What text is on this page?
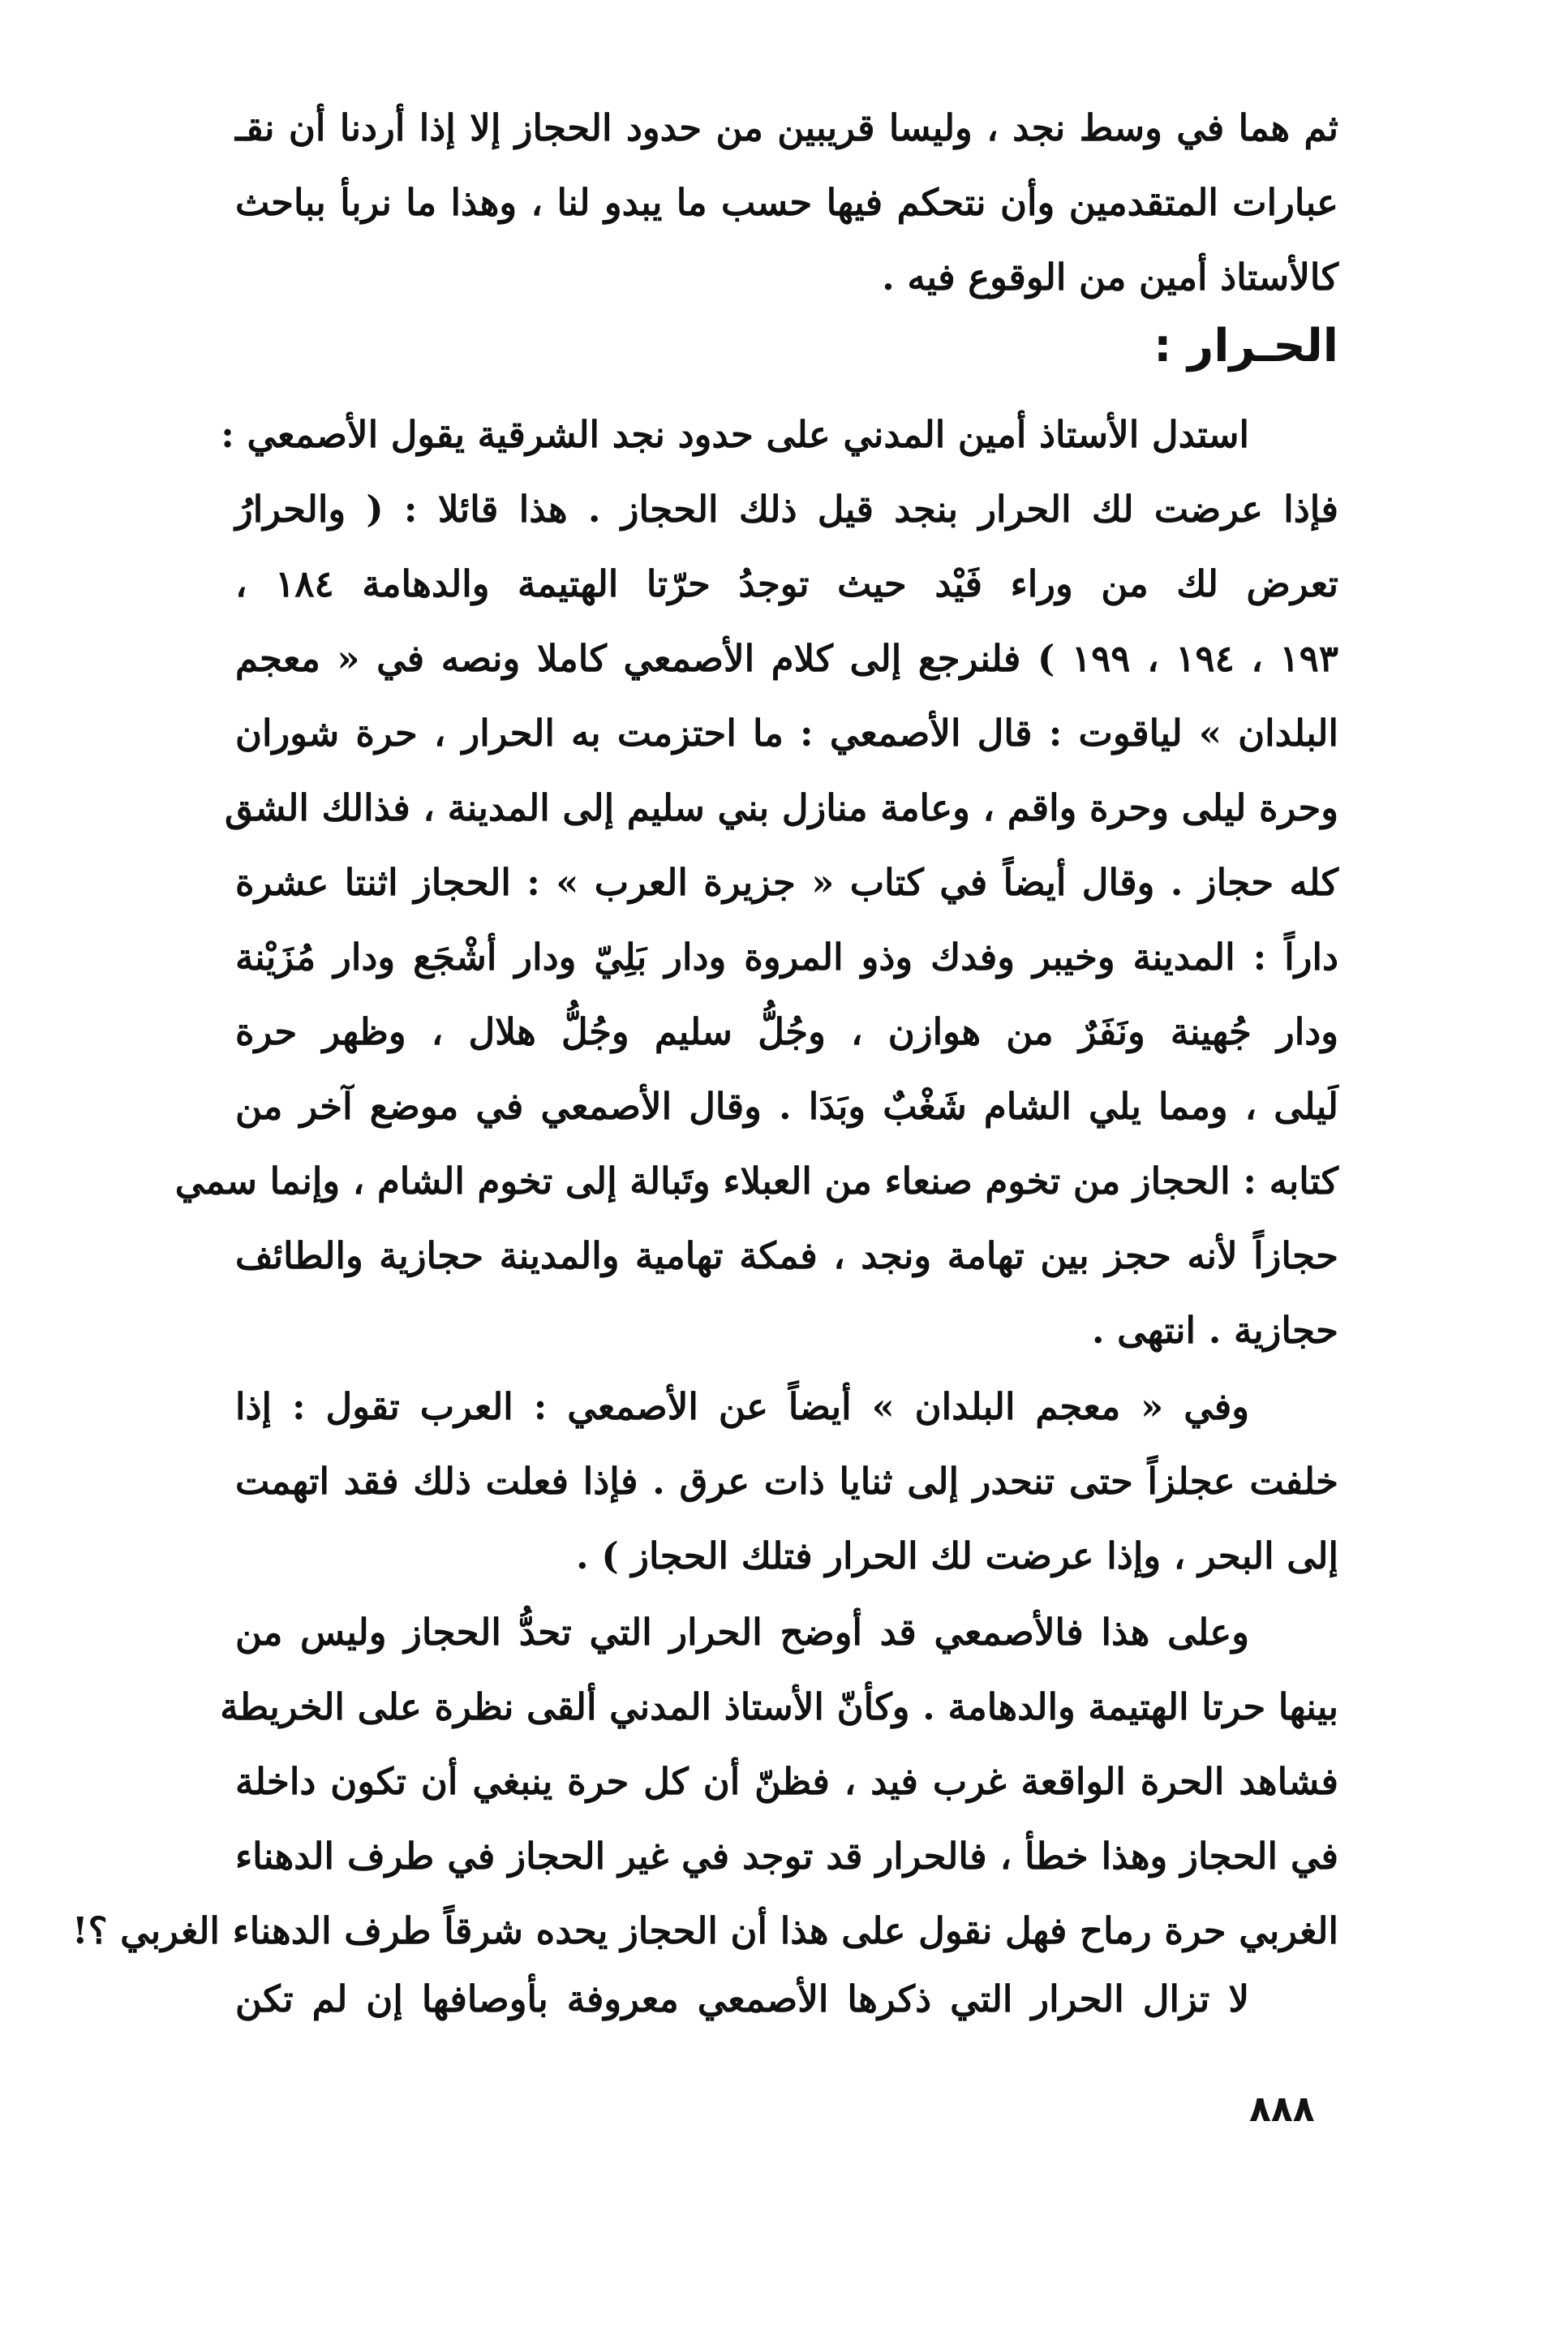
ثم هما في وسط نجد ، وليسا قريبين من حدود الحجاز إلا إذا أردنا أن نقـ
عبارات المتقدمين وأن نتحكم فيها حسب ما يبدو لنا ، وهذا ما نربأ بباحث
كالأستاذ أمين من الوقوع فيه .
الحـرار :
استدل الأستاذ أمين المدني على حدود نجد الشرقية يقول الأصمعي :
فإذا عرضت لك الحرار بنجد قيل ذلك الحجاز . هذا قائلا : ( والحرارُ
تعرض لك من وراء فَيْد حيث توجدُ حرّتا الهتيمة والدهامة ١٨٤ ،
١٩٣ ، ١٩٤ ، ١٩٩ ) فلنرجع إلى كلام الأصمعي كاملا ونصه في « معجم
البلدان » لياقوت : قال الأصمعي : ما احتزمت به الحرار ، حرة شوران
وحرة ليلى وحرة واقم ، وعامة منازل بني سليم إلى المدينة ، فذالك الشق
كله حجاز . وقال أيضاً في كتاب « جزيرة العرب » : الحجاز اثنتا عشرة
داراً : المدينة وخيبر وفدك وذو المروة ودار بَلِيّ ودار أشْجَع ودار مُزَيْنة
ودار جُهينة ونَفَرٌ من هوازن ، وجُلُّ سليم وجُلُّ هلال ، وظهر حرة
لَيلى ، ومما يلي الشام شَغْبٌ وبَدَا . وقال الأصمعي في موضع آخر من
كتابه : الحجاز من تخوم صنعاء من العبلاء وتَبالة إلى تخوم الشام ، وإنما سمي
حجازاً لأنه حجز بين تهامة ونجد ، فمكة تهامية والمدينة حجازية والطائف
حجازية . انتهى .
وفي « معجم البلدان » أيضاً عن الأصمعي : العرب تقول : إذا
خلفت عجلزاً حتى تنحدر إلى ثنايا ذات عرق . فإذا فعلت ذلك فقد اتهمت
إلى البحر ، وإذا عرضت لك الحرار فتلك الحجاز ) .
وعلى هذا فالأصمعي قد أوضح الحرار التي تحدُّ الحجاز وليس من
بينها حرتا الهتيمة والدهامة . وكأنّ الأستاذ المدني ألقى نظرة على الخريطة
فشاهد الحرة الواقعة غرب فيد ، فظنّ أن كل حرة ينبغي أن تكون داخلة
في الحجاز وهذا خطأ ، فالحرار قد توجد في غير الحجاز في طرف الدهناء
الغربي حرة رماح فهل نقول على هذا أن الحجاز يحده شرقاً طرف الدهناء الغربي ؟!
لا تزال الحرار التي ذكرها الأصمعي معروفة بأوصافها إن لم تكن
٨٨٨
